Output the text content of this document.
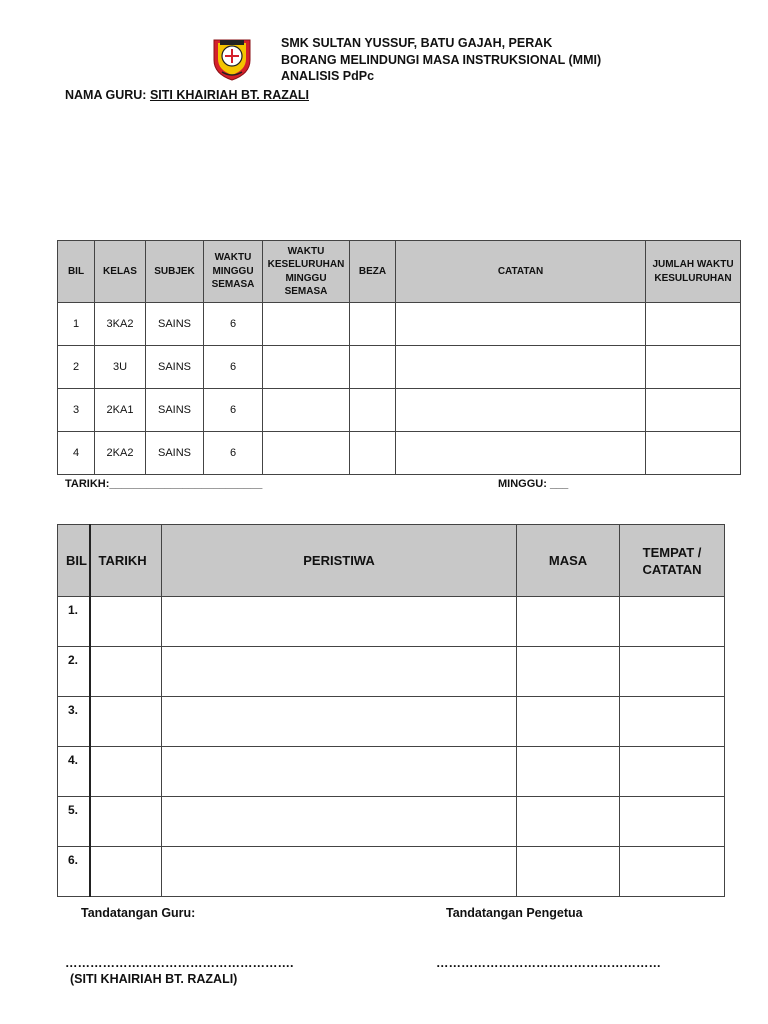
SMK SULTAN YUSSUF, BATU GAJAH, PERAK
BORANG MELINDUNGI MASA INSTRUKSIONAL (MMI)
ANALISIS PdPc
NAMA GURU: SITI KHAIRIAH BT. RAZALI
BIL	KELAS	SUBJEK	WAKTU MINGGU SEMASA	WAKTU KESELURUHAN MINGGU SEMASA	BEZA	CATATAN	JUMLAH WAKTU KESULURUHAN
1	3KA2	SAINS	6				
2	3U	SAINS	6				
3	2KA1	SAINS	6				
4	2KA2	SAINS	6				
TARIKH:_________________________	MINGGU: ___
BIL	TARIKH	PERISTIWA	MASA	TEMPAT / CATATAN
1.				
2.				
3.				
4.				
5.				
6.				
Tandatangan Guru:	Tandatangan Pengetua
……………………………………………….	………………………………………………
(SITI KHAIRIAH BT. RAZALI)
